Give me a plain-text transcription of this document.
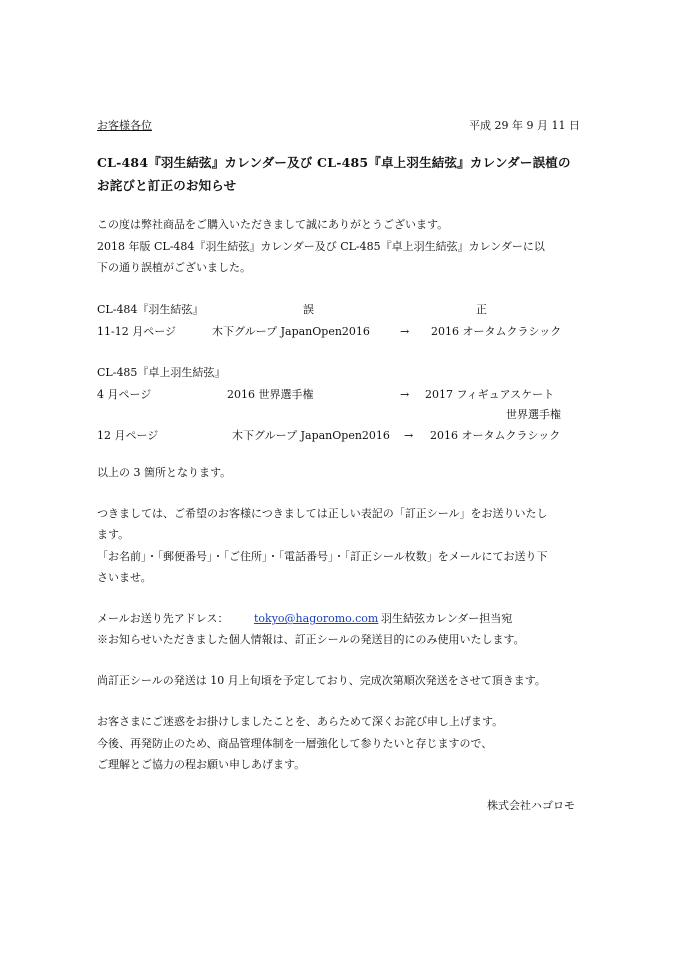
お客様各位	平成 29 年 9 月 11 日
CL-484『羽生結弦』カレンダー及び CL-485『卓上羽生結弦』カレンダー誤植の
お詫びと訂正のお知らせ
この度は弊社商品をご購入いただきまして誠にありがとうございます。
2018 年版 CL-484『羽生結弦』カレンダー及び CL-485『卓上羽生結弦』カレンダーに以
下の通り誤植がございました。
CL-484『羽生結弦』	誤	正
11-12 月ページ	木下グループ JapanOpen2016	→ 2016 オータムクラシック
CL-485『卓上羽生結弦』
4 月ページ	2016 世界選手権	→ 2017 フィギュアスケート
世界選手権
12 月ページ	木下グループ JapanOpen2016 → 2016 オータムクラシック
以上の 3 箇所となります。
つきましては、ご希望のお客様につきましては正しい表記の「訂正シール」をお送りいたし
ます。
「お名前」・「郵便番号」・「ご住所」・「電話番号」・「訂正シール枚数」をメールにてお送り下
さいませ。
メールお送り先アドレス： tokyo@hagoromo.com 羽生結弦カレンダー担当宛
※お知らせいただきました個人情報は、訂正シールの発送目的にのみ使用いたします。
尚訂正シールの発送は 10 月上旬頃を予定しており、完成次第順次発送をさせて頂きます。
お客さまにご迷惑をお掛けしましたことを、あらためて深くお詫び申し上げます。
今後、再発防止のため、商品管理体制を一層強化して参りたいと存じますので、
ご理解とご協力の程お願い申しあげます。
株式会社ハゴロモ
